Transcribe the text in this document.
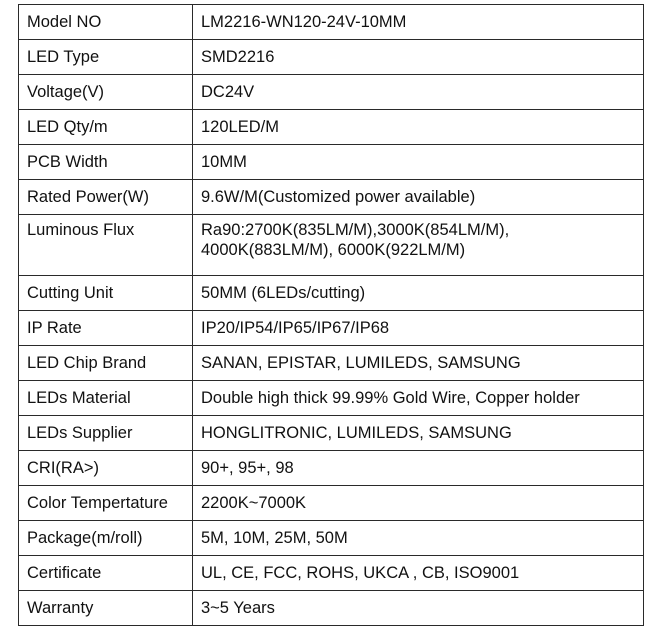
Model NO	LM2216-WN120-24V-10MM

LED Type	SMD2216

Voltage(V)	DC24V

LED Qty/m	120LED/M

PCB Width	10MM

Rated Power(W)	9.6W/M(Customized power available)

Luminous Flux	Ra90:2700K(835LM/M),3000K(854LM/M),
4000K(883LM/M), 6000K(922LM/M)

Cutting Unit	50MM (6LEDs/cutting)

IP Rate	IP20/IP54/IP65/IP67/IP68

LED Chip Brand	SANAN, EPISTAR, LUMILEDS, SAMSUNG

LEDs Material	Double high thick 99.99% Gold Wire, Copper holder

LEDs Supplier	HONGLITRONIC, LUMILEDS, SAMSUNG

CRI(RA>)	90+, 95+, 98

Color Tempertature	2200K~7000K

Package(m/roll)	5M, 10M, 25M, 50M

Certificate	UL, CE, FCC, ROHS, UKCA , CB, ISO9001

Warranty	3~5 Years
